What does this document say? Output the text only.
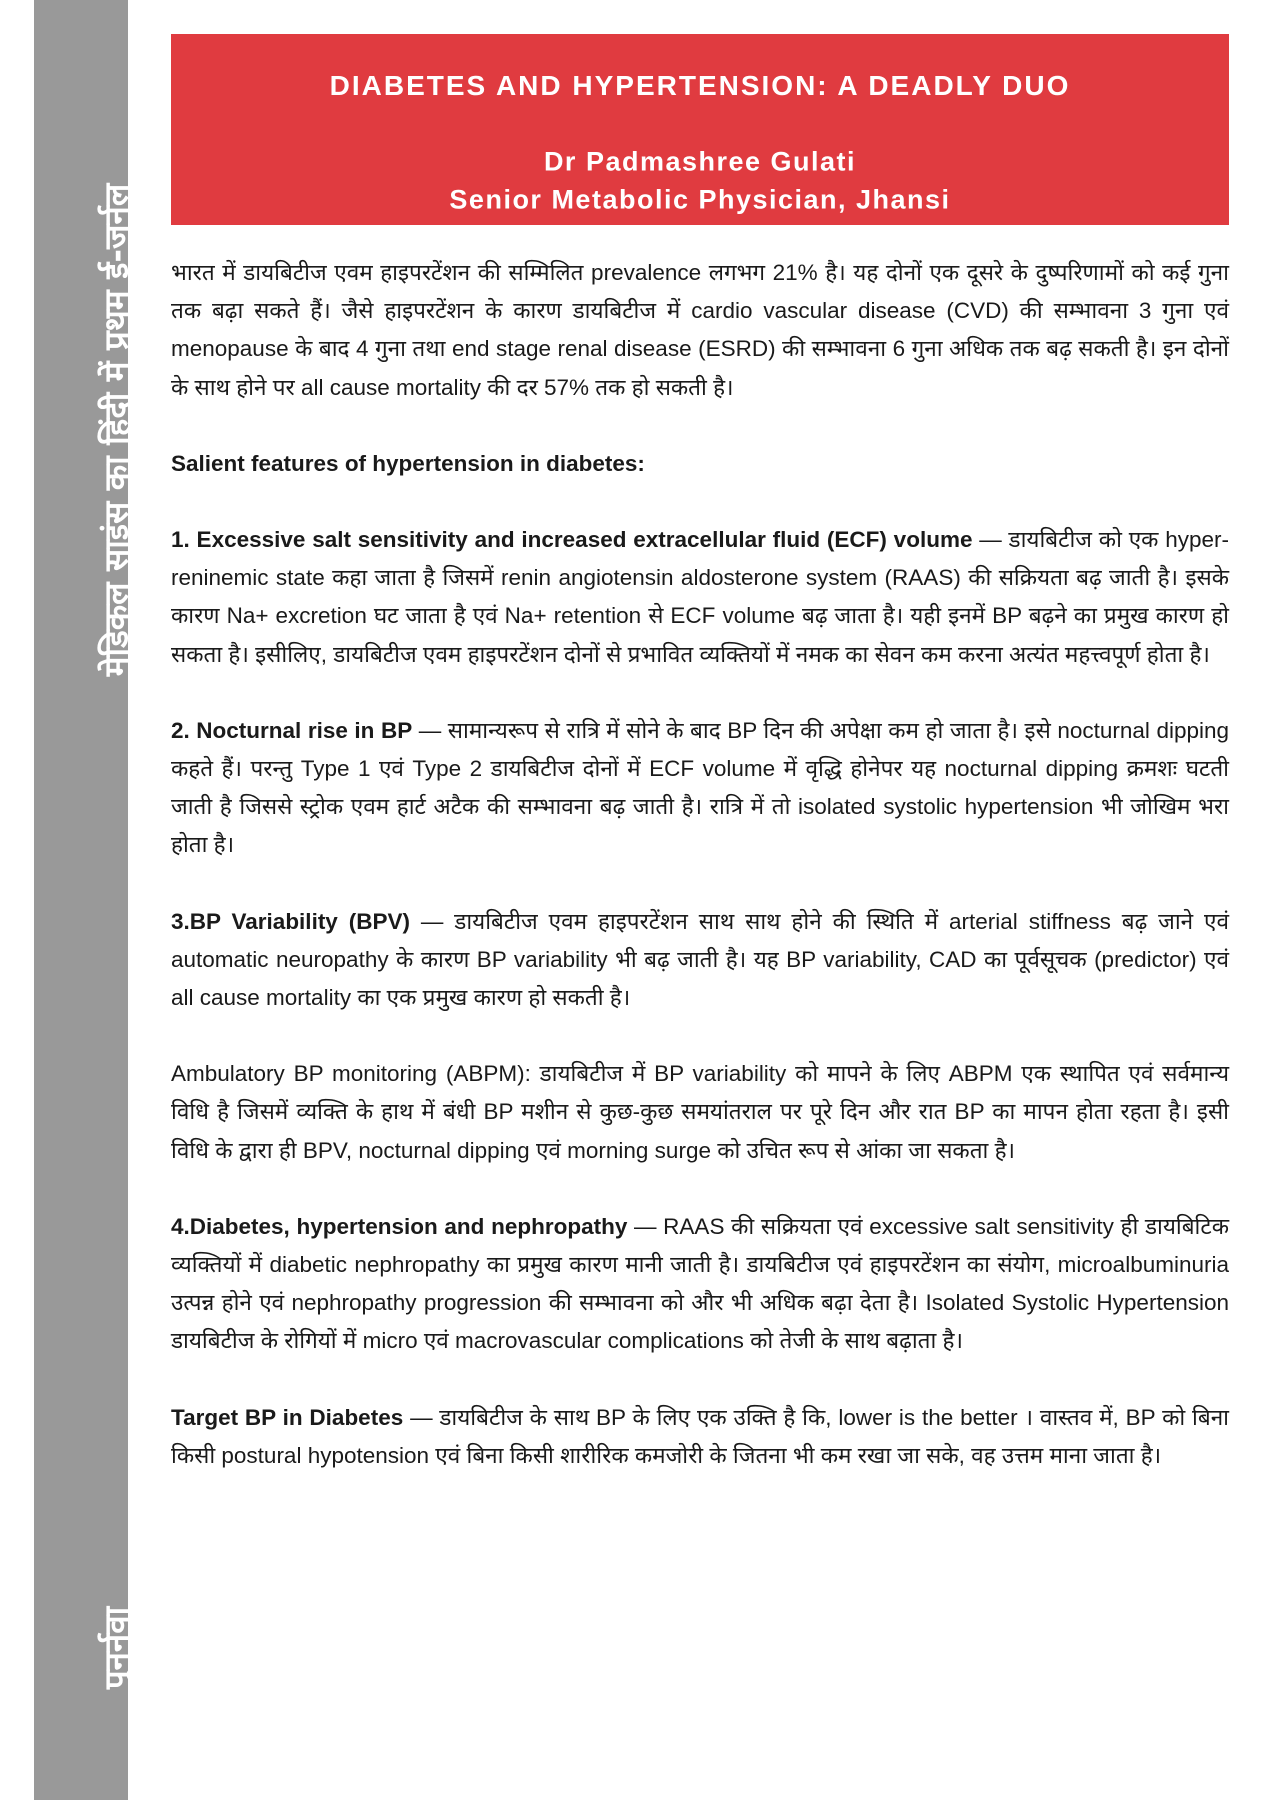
मेडिकल साइंस का हिंदी में प्रथम ई-जर्नल
पुनर्नवा
DIABETES AND HYPERTENSION: A DEADLY DUO
Dr Padmashree Gulati
Senior Metabolic Physician, Jhansi

भारत में डायबिटीज एवम हाइपरटेंशन की सम्मिलित prevalence लगभग 21% है। यह दोनों एक दूसरे के दुष्परिणामों को कई गुना तक बढ़ा सकते हैं। जैसे हाइपरटेंशन के कारण डायबिटीज में cardio vascular disease (CVD) की सम्भावना 3 गुना एवं menopause के बाद 4 गुना तथा end stage renal disease (ESRD) की सम्भावना 6 गुना अधिक तक बढ़ सकती है। इन दोनों के साथ होने पर all cause mortality की दर 57% तक हो सकती है।

Salient features of hypertension in diabetes:

1. Excessive salt sensitivity and increased extracellular fluid (ECF) volume — डायबिटीज को एक hyper-reninemic state कहा जाता है जिसमें renin angiotensin aldosterone system (RAAS) की सक्रियता बढ़ जाती है। इसके कारण Na+ excretion घट जाता है एवं Na+ retention से ECF volume बढ़ जाता है। यही इनमें BP बढ़ने का प्रमुख कारण हो सकता है। इसीलिए, डायबिटीज एवम हाइपरटेंशन दोनों से प्रभावित व्यक्तियों में नमक का सेवन कम करना अत्यंत महत्त्वपूर्ण होता है।

2. Nocturnal rise in BP — सामान्यरूप से रात्रि में सोने के बाद BP दिन की अपेक्षा कम हो जाता है। इसे nocturnal dipping कहते हैं। परन्तु Type 1 एवं Type 2 डायबिटीज दोनों में ECF volume में वृद्धि होनेपर यह nocturnal dipping क्रमशः घटती जाती है जिससे स्ट्रोक एवम हार्ट अटैक की सम्भावना बढ़ जाती है। रात्रि में तो isolated systolic hypertension भी जोखिम भरा होता है।

3.BP Variability (BPV) — डायबिटीज एवम हाइपरटेंशन साथ साथ होने की स्थिति में arterial stiffness बढ़ जाने एवं automatic neuropathy के कारण BP variability भी बढ़ जाती है। यह BP variability, CAD का पूर्वसूचक (predictor) एवं all cause mortality का एक प्रमुख कारण हो सकती है।

Ambulatory BP monitoring (ABPM): डायबिटीज में BP variability को मापने के लिए ABPM एक स्थापित एवं सर्वमान्य विधि है जिसमें व्यक्ति के हाथ में बंधी BP मशीन से कुछ-कुछ समयांतराल पर पूरे दिन और रात BP का मापन होता रहता है। इसी विधि के द्वारा ही BPV, nocturnal dipping एवं morning surge को उचित रूप से आंका जा सकता है।

4.Diabetes, hypertension and nephropathy — RAAS की सक्रियता एवं excessive salt sensitivity ही डायबिटिक व्यक्तियों में diabetic nephropathy का प्रमुख कारण मानी जाती है। डायबिटीज एवं हाइपरटेंशन का संयोग, microalbuminuria उत्पन्न होने एवं nephropathy progression की सम्भावना को और भी अधिक बढ़ा देता है। Isolated Systolic Hypertension डायबिटीज के रोगियों में micro एवं macrovascular complications को तेजी के साथ बढ़ाता है।

Target BP in Diabetes — डायबिटीज के साथ BP के लिए एक उक्ति है कि, lower is the better । वास्तव में, BP को बिना किसी postural hypotension एवं बिना किसी शारीरिक कमजोरी के जितना भी कम रखा जा सके, वह उत्तम माना जाता है।
